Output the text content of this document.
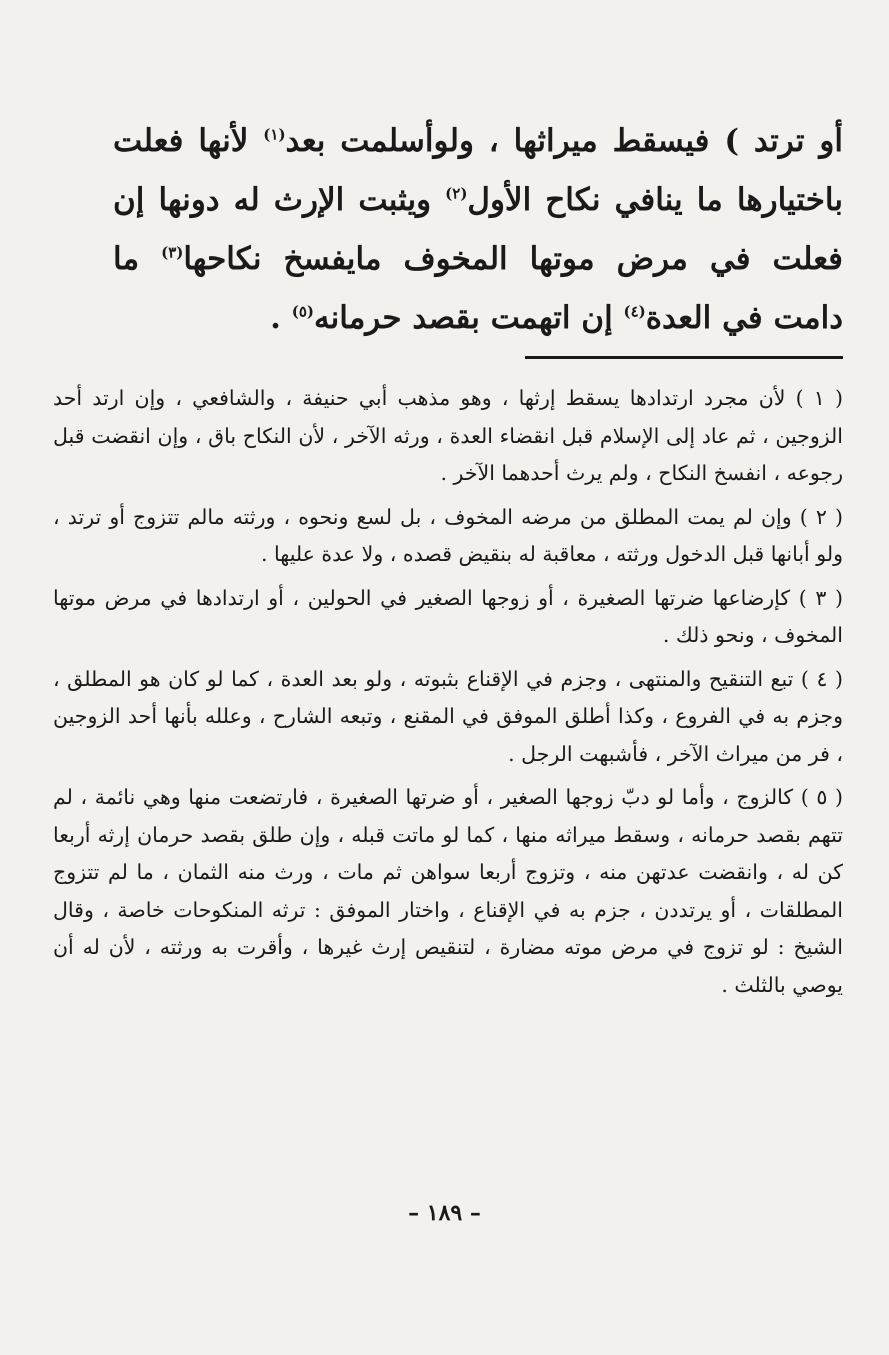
أو ترتد ) فيسقط ميراثها ، ولوأسلمت بعد$^{(١)}$ لأنها فعلت باختيارها ما ينافي نكاح الأول$^{(٢)}$ ويثبت الإرث له دونها إن فعلت في مرض موتها المخوف مايفسخ نكاحها$^{(٣)}$ ما دامت في العدة$^{(٤)}$ إن اتهمت بقصد حرمانه$^{(٥)}$ .

( ١ ) لأن مجرد ارتدادها يسقط إرثها ، وهو مذهب أبي حنيفة ، والشافعي ، وإن ارتد أحد الزوجين ، ثم عاد إلى الإسلام قبل انقضاء العدة ، ورثه الآخر ، لأن النكاح باق ، وإن انقضت قبل رجوعه ، انفسخ النكاح ، ولم يرث أحدهما الآخر .

( ٢ ) وإن لم يمت المطلق من مرضه المخوف ، بل لسع ونحوه ، ورثته مالم تتزوج أو ترتد ، ولو أبانها قبل الدخول ورثته ، معاقبة له بنقيض قصده ، ولا عدة عليها .

( ٣ ) كإرضاعها ضرتها الصغيرة ، أو زوجها الصغير في الحولين ، أو ارتدادها في مرض موتها المخوف ، ونحو ذلك .

( ٤ ) تبع التنقيح والمنتهى ، وجزم في الإقناع بثبوته ، ولو بعد العدة ، كما لو كان هو المطلق ، وجزم به في الفروع ، وكذا أطلق الموفق في المقنع ، وتبعه الشارح ، وعلله بأنها أحد الزوجين ، فر من ميراث الآخر ، فأشبهت الرجل .

( ٥ ) كالزوج ، وأما لو دبّ زوجها الصغير ، أو ضرتها الصغيرة ، فارتضعت منها وهي نائمة ، لم تتهم بقصد حرمانه ، وسقط ميراثه منها ، كما لو ماتت قبله ، وإن طلق بقصد حرمان إرثه أربعا كن له ، وانقضت عدتهن منه ، وتزوج أربعا سواهن ثم مات ، ورث منه الثمان ، ما لم تتزوج المطلقات ، أو يرتددن ، جزم به في الإقناع ، واختار الموفق : ترثه المنكوحات خاصة ، وقال الشيخ : لو تزوج في مرض موته مضارة ، لتنقيص إرث غيرها ، وأقرت به ورثته ، لأن له أن يوصي بالثلث .

– ١٨٩ –
